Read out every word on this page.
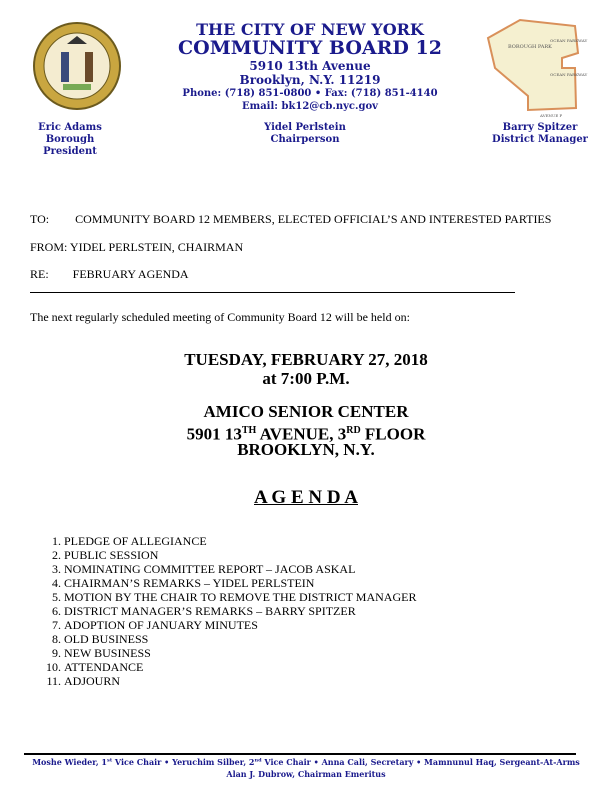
THE CITY OF NEW YORK
COMMUNITY BOARD 12
5910 13th Avenue
Brooklyn, N.Y. 11219
Phone: (718) 851-0800 • Fax: (718) 851-4140
Email: bk12@cb.nyc.gov
BOROUGH PARK
OCEAN PARKWAY
OCEAN PARKWAY
AVENUE P
Eric Adams
Borough President
Yidel Perlstein
Chairperson
Barry Spitzer
District Manager
TO: COMMUNITY BOARD 12 MEMBERS, ELECTED OFFICIAL’S AND INTERESTED PARTIES
FROM: YIDEL PERLSTEIN, CHAIRMAN
RE: FEBRUARY AGENDA
The next regularly scheduled meeting of Community Board 12 will be held on:
TUESDAY, FEBRUARY 27, 2018
at 7:00 P.M.
AMICO SENIOR CENTER
5901 13TH AVENUE, 3RD FLOOR
BROOKLYN, N.Y.
A G E N D A
1. PLEDGE OF ALLEGIANCE
2. PUBLIC SESSION
3. NOMINATING COMMITTEE REPORT – JACOB ASKAL
4. CHAIRMAN’S REMARKS – YIDEL PERLSTEIN
5. MOTION BY THE CHAIR TO REMOVE THE DISTRICT MANAGER
6. DISTRICT MANAGER’S REMARKS – BARRY SPITZER
7. ADOPTION OF JANUARY MINUTES
8. OLD BUSINESS
9. NEW BUSINESS
10. ATTENDANCE
11. ADJOURN
Moshe Wieder, 1st Vice Chair • Yeruchim Silber, 2nd Vice Chair • Anna Cali, Secretary • Mamnunul Haq, Sergeant-At-Arms
Alan J. Dubrow, Chairman Emeritus
